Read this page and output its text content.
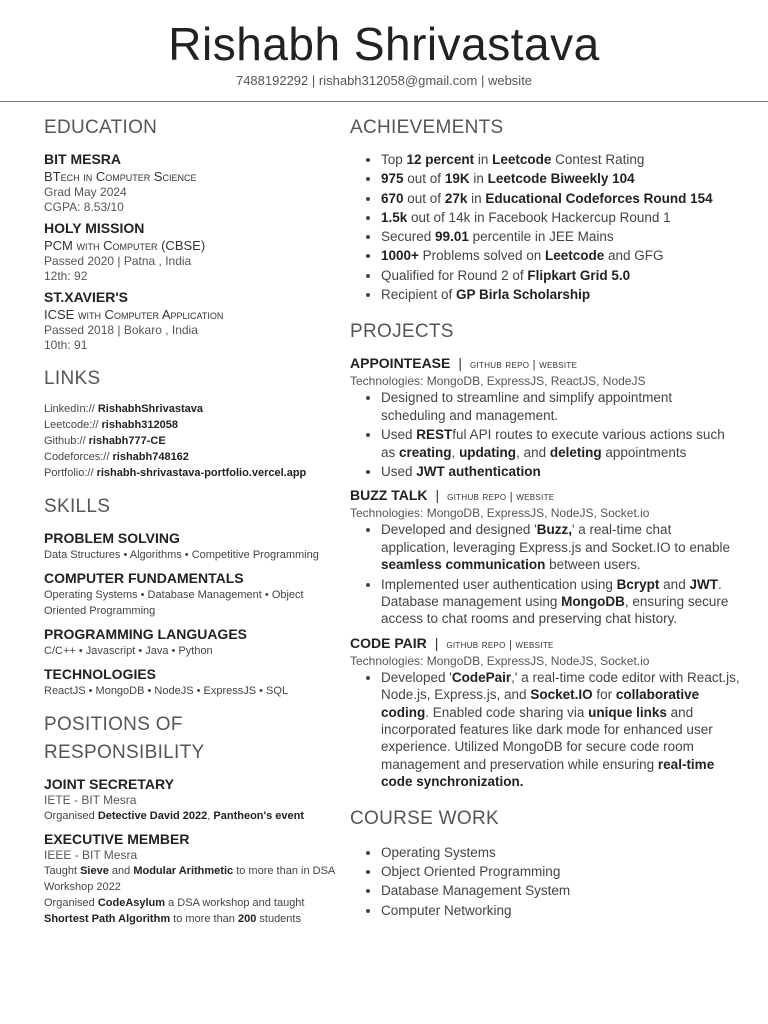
Rishabh Shrivastava
7488192292 | rishabh312058@gmail.com | website
EDUCATION
BIT MESRA
BTech in Computer Science
Grad May 2024
CGPA: 8.53/10
HOLY MISSION
PCM with Computer (CBSE)
Passed 2020 | Patna , India
12th: 92
ST.XAVIER'S
ICSE with Computer Application
Passed 2018 | Bokaro , India
10th: 91
LINKS
LinkedIn:// RishabhShrivastava
Leetcode:// rishabh312058
Github:// rishabh777-CE
Codeforces:// rishabh748162
Portfolio:// rishabh-shrivastava-portfolio.vercel.app
SKILLS
PROBLEM SOLVING
Data Structures • Algorithms • Competitive Programming
COMPUTER FUNDAMENTALS
Operating Systems • Database Management • Object Oriented Programming
PROGRAMMING LANGUAGES
C/C++ • Javascript • Java • Python
TECHNOLOGIES
ReactJS • MongoDB • NodeJS • ExpressJS • SQL
POSITIONS OF RESPONSIBILITY
JOINT SECRETARY
IETE - BIT Mesra
Organised Detective David 2022, Pantheon's event
EXECUTIVE MEMBER
IEEE - BIT Mesra
Taught Sieve and Modular Arithmetic to more than in DSA Workshop 2022
Organised CodeAsylum a DSA workshop and taught Shortest Path Algorithm to more than 200 students
ACHIEVEMENTS
• Top 12 percent in Leetcode Contest Rating
• 975 out of 19K in Leetcode Biweekly 104
• 670 out of 27k in Educational Codeforces Round 154
• 1.5k out of 14k in Facebook Hackercup Round 1
• Secured 99.01 percentile in JEE Mains
• 1000+ Problems solved on Leetcode and GFG
• Qualified for Round 2 of Flipkart Grid 5.0
• Recipient of GP Birla Scholarship
PROJECTS
APPOINTEASE | github repo | website
Technologies: MongoDB, ExpressJS, ReactJS, NodeJS
• Designed to streamline and simplify appointment scheduling and management.
• Used RESTful API routes to execute various actions such as creating, updating, and deleting appointments
• Used JWT authentication
BUZZ TALK | github repo | website
Technologies: MongoDB, ExpressJS, NodeJS, Socket.io
• Developed and designed 'Buzz,' a real-time chat application, leveraging Express.js and Socket.IO to enable seamless communication between users.
• Implemented user authentication using Bcrypt and JWT. Database management using MongoDB, ensuring secure access to chat rooms and preserving chat history.
CODE PAIR | github repo | website
Technologies: MongoDB, ExpressJS, NodeJS, Socket.io
• Developed 'CodePair,' a real-time code editor with React.js, Node.js, Express.js, and Socket.IO for collaborative coding. Enabled code sharing via unique links and incorporated features like dark mode for enhanced user experience. Utilized MongoDB for secure code room management and preservation while ensuring real-time code synchronization.
COURSE WORK
• Operating Systems
• Object Oriented Programming
• Database Management System
• Computer Networking
